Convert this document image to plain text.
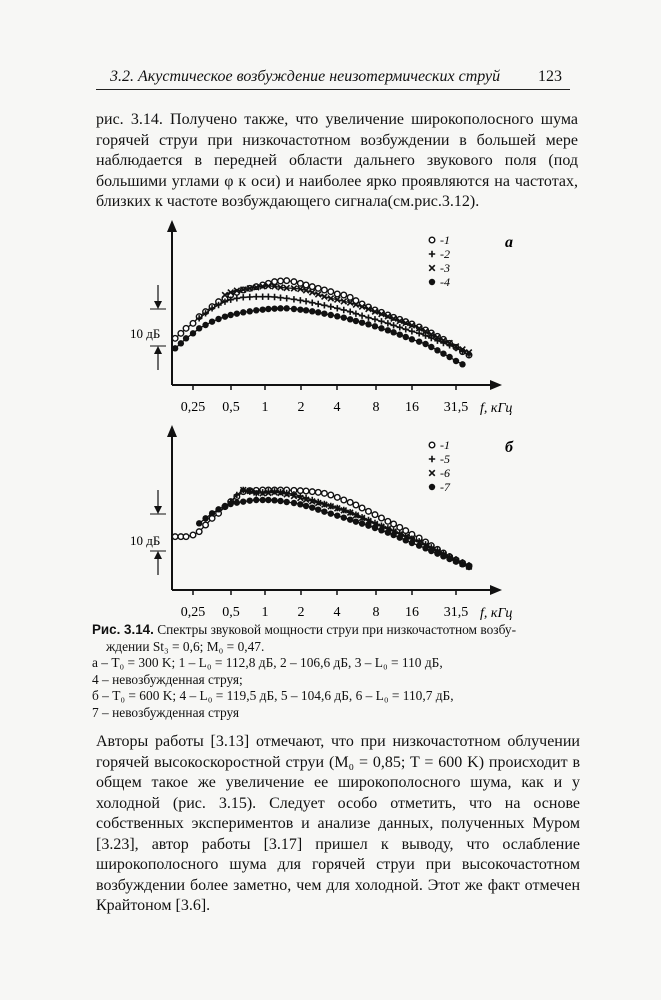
3.2. Акустическое возбуждение неизотермических струй 123
рис. 3.14. Получено также, что увеличение широкополосного шума горячей струи при низкочастотном возбуждении в большей мере наблюдается в передней области дальнего звукового поля (под большими углами φ к оси) и наиболее ярко проявляются на частотах, близких к частоте возбуждающего сигнала(см.рис.3.12).
0,25 0,5 1 2 4 8 16 31,5 f, кГц
10 дБ
а
-1
-2
-3
-4
0,25 0,5 1 2 4 8 16 31,5 f, кГц
10 дБ
б
-1
-5
-6
-7
Рис. 3.14. Спектры звуковой мощности струи при низкочастотном возбу-
ждении St₃ = 0,6; M₀ = 0,47.
а – T₀ = 300 K; 1 – L₀ = 112,8 дБ, 2 – 106,6 дБ, 3 – L₀ = 110 дБ,
4 – невозбужденная струя;
б – T₀ = 600 K; 4 – L₀ = 119,5 дБ, 5 – 104,6 дБ, 6 – L₀ = 110,7 дБ,
7 – невозбужденная струя
Авторы работы [3.13] отмечают, что при низкочастотном облучении горячей высокоскоростной струи (M₀ = 0,85; T = 600 K) происходит в общем такое же увеличение ее широкополосного шума, как и у холодной (рис. 3.15). Следует особо отметить, что на основе собственных экспериментов и анализе данных, полученных Муром [3.23], автор работы [3.17] пришел к выводу, что ослабление широкополосного шума для горячей струи при высокочастотном возбуждении более заметно, чем для холодной. Этот же факт отмечен Крайтоном [3.6].
